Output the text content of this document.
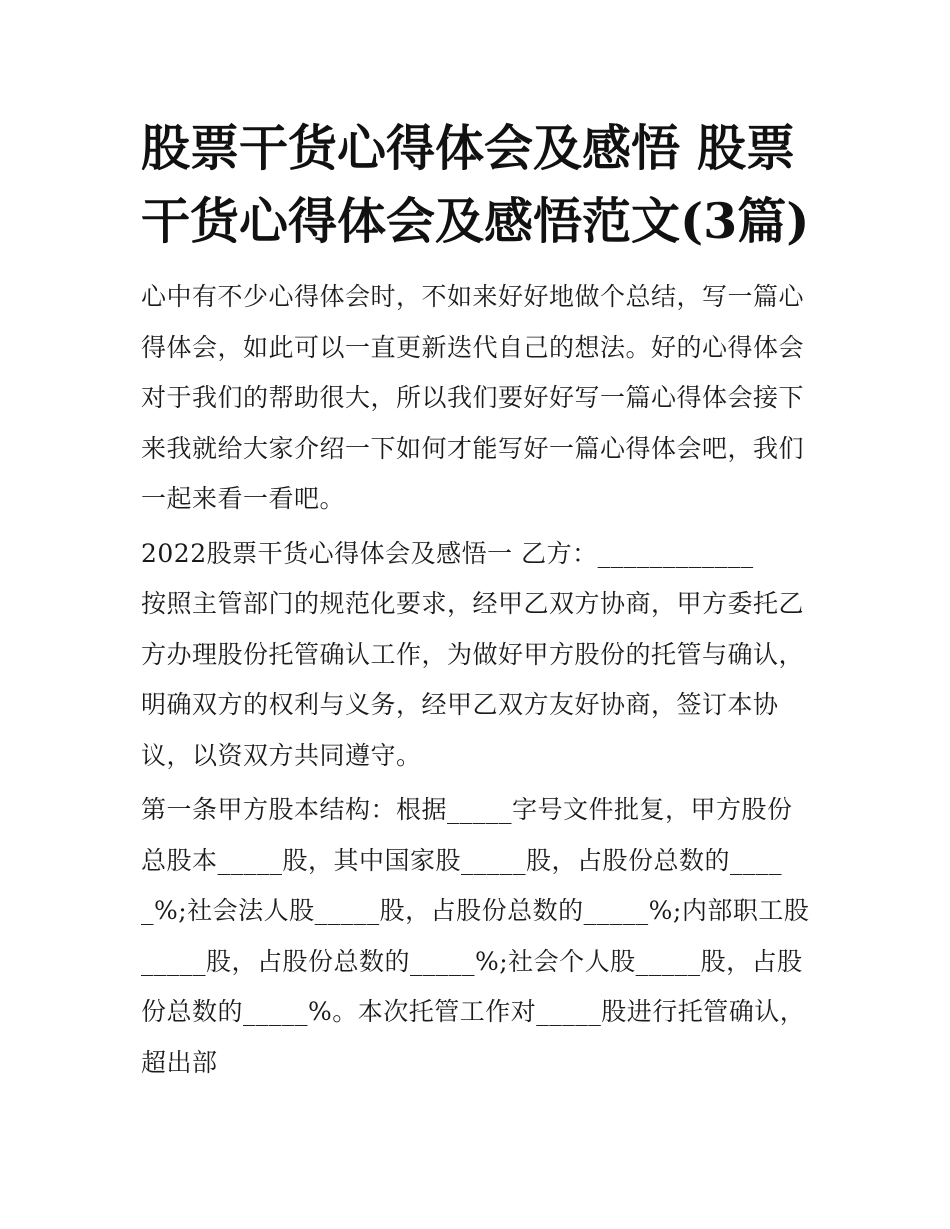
股票干货心得体会及感悟 股票干货心得体会及感悟范文(3篇)

心中有不少心得体会时，不如来好好地做个总结，写一篇心得体会，如此可以一直更新迭代自己的想法。好的心得体会对于我们的帮助很大，所以我们要好好写一篇心得体会接下来我就给大家介绍一下如何才能写好一篇心得体会吧，我们一起来看一看吧。

2022股票干货心得体会及感悟一 乙方：____________

按照主管部门的规范化要求，经甲乙双方协商，甲方委托乙方办理股份托管确认工作，为做好甲方股份的托管与确认，明确双方的权利与义务，经甲乙双方友好协商，签订本协议，以资双方共同遵守。

第一条甲方股本结构：根据_____字号文件批复，甲方股份总股本_____股，其中国家股_____股，占股份总数的_____%;社会法人股_____股，占股份总数的_____%;内部职工股_____股，占股份总数的_____%;社会个人股_____股，占股份总数的_____%。本次托管工作对_____股进行托管确认，超出部
